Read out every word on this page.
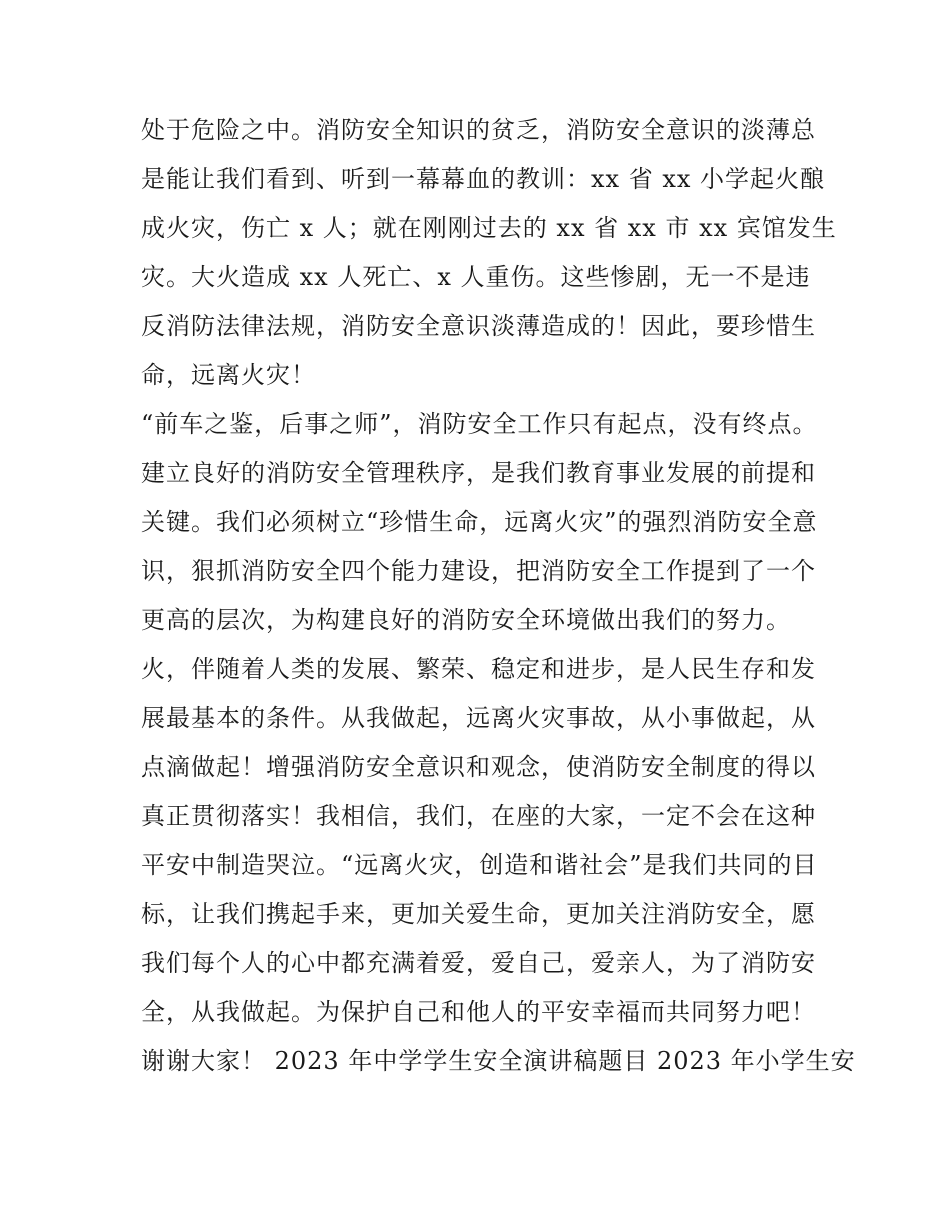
处于危险之中。消防安全知识的贫乏，消防安全意识的淡薄总
是能让我们看到、听到一幕幕血的教训：xx 省 xx 小学起火酿
成火灾，伤亡 x 人；就在刚刚过去的 xx 省 xx 市 xx 宾馆发生
灾。大火造成 xx 人死亡、x 人重伤。这些惨剧，无一不是违
反消防法律法规，消防安全意识淡薄造成的！因此，要珍惜生
命，远离火灾！
“前车之鉴，后事之师”，消防安全工作只有起点，没有终点。
建立良好的消防安全管理秩序，是我们教育事业发展的前提和
关键。我们必须树立“珍惜生命，远离火灾”的强烈消防安全意
识，狠抓消防安全四个能力建设，把消防安全工作提到了一个
更高的层次，为构建良好的消防安全环境做出我们的努力。
火，伴随着人类的发展、繁荣、稳定和进步，是人民生存和发
展最基本的条件。从我做起，远离火灾事故，从小事做起，从
点滴做起！增强消防安全意识和观念，使消防安全制度的得以
真正贯彻落实！我相信，我们，在座的大家，一定不会在这种
平安中制造哭泣。“远离火灾，创造和谐社会”是我们共同的目
标，让我们携起手来，更加关爱生命，更加关注消防安全，愿
我们每个人的心中都充满着爱，爱自己，爱亲人，为了消防安
全，从我做起。为保护自己和他人的平安幸福而共同努力吧！
谢谢大家！ 2023 年中学学生安全演讲稿题目 2023 年小学生安
